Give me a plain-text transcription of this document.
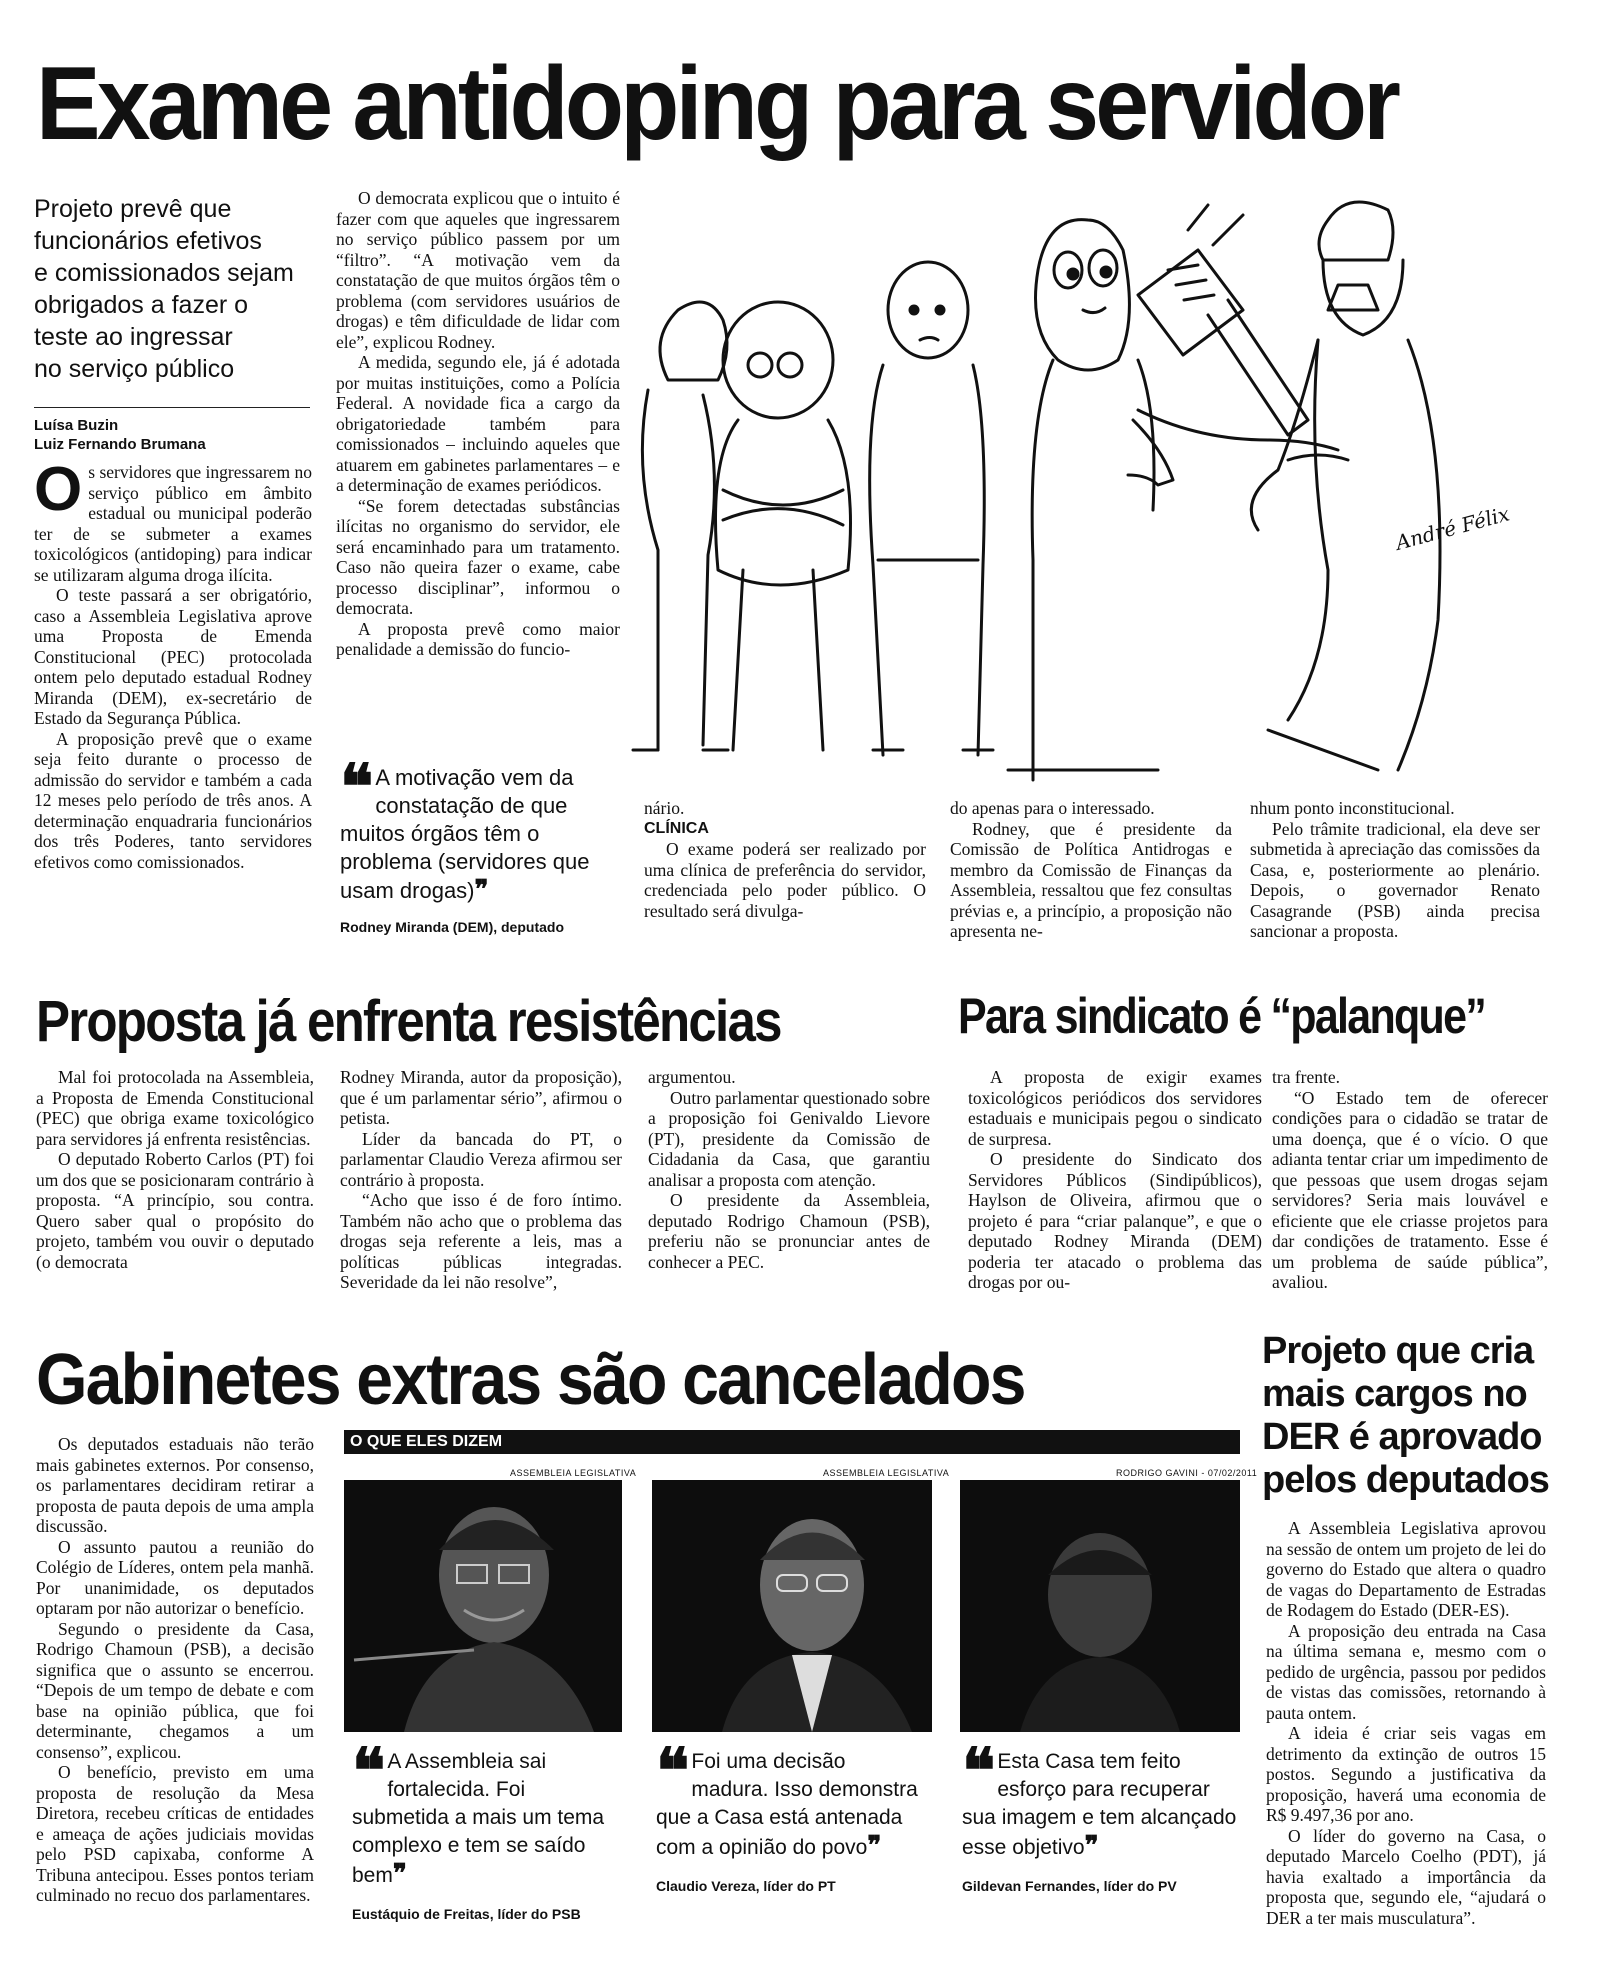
Exame antidoping para servidor
Projeto prevê que
funcionários efetivos
e comissionados sejam
obrigados a fazer o
teste ao ingressar
no serviço público
Luísa Buzin
Luiz Fernando Brumana

Os servidores que ingressarem no serviço público em âmbito estadual ou municipal poderão ter de se submeter a exames toxicológicos (antidoping) para indicar se utilizaram alguma droga ilícita.

O teste passará a ser obrigatório, caso a Assembleia Legislativa aprove uma Proposta de Emenda Constitucional (PEC) protocolada ontem pelo deputado estadual Rodney Miranda (DEM), ex-secretário de Estado da Segurança Pública.

A proposição prevê que o exame seja feito durante o processo de admissão do servidor e também a cada 12 meses pelo período de três anos. A determinação enquadraria funcionários dos três Poderes, tanto servidores efetivos como comissionados.

O democrata explicou que o intuito é fazer com que aqueles que ingressarem no serviço público passem por um “filtro”. “A motivação vem da constatação de que muitos órgãos têm o problema (com servidores usuários de drogas) e têm dificuldade de lidar com ele”, explicou Rodney.

A medida, segundo ele, já é adotada por muitas instituições, como a Polícia Federal. A novidade fica a cargo da obrigatoriedade também para comissionados – incluindo aqueles que atuarem em gabinetes parlamentares – e a determinação de exames periódicos.

“Se forem detectadas substâncias ilícitas no organismo do servidor, ele será encaminhado para um tratamento. Caso não queira fazer o exame, cabe processo disciplinar”, informou o democrata.

A proposta prevê como maior penalidade a demissão do funcio-

André Félix
❝ A motivação vem da constatação de que muitos órgãos têm o problema (servidores que usam drogas)❞
Rodney Miranda (DEM), deputado

nário.

CLÍNICA

O exame poderá ser realizado por uma clínica de preferência do servidor, credenciada pelo poder público. O resultado será divulga-

do apenas para o interessado.

Rodney, que é presidente da Comissão de Política Antidrogas e membro da Comissão de Finanças da Assembleia, ressaltou que fez consultas prévias e, a princípio, a proposição não apresenta ne-

nhum ponto inconstitucional.

Pelo trâmite tradicional, ela deve ser submetida à apreciação das comissões da Casa, e, posteriormente ao plenário. Depois, o governador Renato Casagrande (PSB) ainda precisa sancionar a proposta.

Proposta já enfrenta resistências

Mal foi protocolada na Assembleia, a Proposta de Emenda Constitucional (PEC) que obriga exame toxicológico para servidores já enfrenta resistências.

O deputado Roberto Carlos (PT) foi um dos que se posicionaram contrário à proposta. “A princípio, sou contra. Quero saber qual o propósito do projeto, também vou ouvir o deputado (o democrata

Rodney Miranda, autor da proposição), que é um parlamentar sério”, afirmou o petista.

Líder da bancada do PT, o parlamentar Claudio Vereza afirmou ser contrário à proposta.

“Acho que isso é de foro íntimo. Também não acho que o problema das drogas seja referente a leis, mas a políticas públicas integradas. Severidade da lei não resolve”,

argumentou.

Outro parlamentar questionado sobre a proposição foi Genivaldo Lievore (PT), presidente da Comissão de Cidadania da Casa, que garantiu analisar a proposta com atenção.

O presidente da Assembleia, deputado Rodrigo Chamoun (PSB), preferiu não se pronunciar antes de conhecer a PEC.

Para sindicato é “palanque”

A proposta de exigir exames toxicológicos periódicos dos servidores estaduais e municipais pegou o sindicato de surpresa.

O presidente do Sindicato dos Servidores Públicos (Sindipúblicos), Haylson de Oliveira, afirmou que o projeto é para “criar palanque”, e que o deputado Rodney Miranda (DEM) poderia ter atacado o problema das drogas por ou-

tra frente.

“O Estado tem de oferecer condições para o cidadão se tratar de uma doença, que é o vício. O que adianta tentar criar um impedimento de que pessoas que usem drogas sejam servidores? Seria mais louvável e eficiente que ele criasse projetos para dar condições de tratamento. Esse é um problema de saúde pública”, avaliou.

Gabinetes extras são cancelados

Os deputados estaduais não terão mais gabinetes externos. Por consenso, os parlamentares decidiram retirar a proposta de pauta depois de uma ampla discussão.

O assunto pautou a reunião do Colégio de Líderes, ontem pela manhã. Por unanimidade, os deputados optaram por não autorizar o benefício.

Segundo o presidente da Casa, Rodrigo Chamoun (PSB), a decisão significa que o assunto se encerrou. “Depois de um tempo de debate e com base na opinião pública, que foi determinante, chegamos a um consenso”, explicou.

O benefício, previsto em uma proposta de resolução da Mesa Diretora, recebeu críticas de entidades e ameaça de ações judiciais movidas pelo PSD capixaba, conforme A Tribuna antecipou. Esses pontos teriam culminado no recuo dos parlamentares.

O QUE ELES DIZEM
ASSEMBLEIA LEGISLATIVA	ASSEMBLEIA LEGISLATIVA	RODRIGO GAVINI - 07/02/2011
❝ A Assembleia sai fortalecida. Foi submetida a mais um tema complexo e tem se saído bem❞
Eustáquio de Freitas, líder do PSB
❝ Foi uma decisão madura. Isso demonstra que a Casa está antenada com a opinião do povo❞
Claudio Vereza, líder do PT
❝ Esta Casa tem feito esforço para recuperar sua imagem e tem alcançado esse objetivo❞
Gildevan Fernandes, líder do PV
Projeto que cria
mais cargos no
DER é aprovado
pelos deputados

A Assembleia Legislativa aprovou na sessão de ontem um projeto de lei do governo do Estado que altera o quadro de vagas do Departamento de Estradas de Rodagem do Estado (DER-ES).

A proposição deu entrada na Casa na última semana e, mesmo com o pedido de urgência, passou por pedidos de vistas das comissões, retornando à pauta ontem.

A ideia é criar seis vagas em detrimento da extinção de outros 15 postos. Segundo a justificativa da proposição, haverá uma economia de R$ 9.497,36 por ano.

O líder do governo na Casa, o deputado Marcelo Coelho (PDT), já havia exaltado a importância da proposta que, segundo ele, “ajudará o DER a ter mais musculatura”.
